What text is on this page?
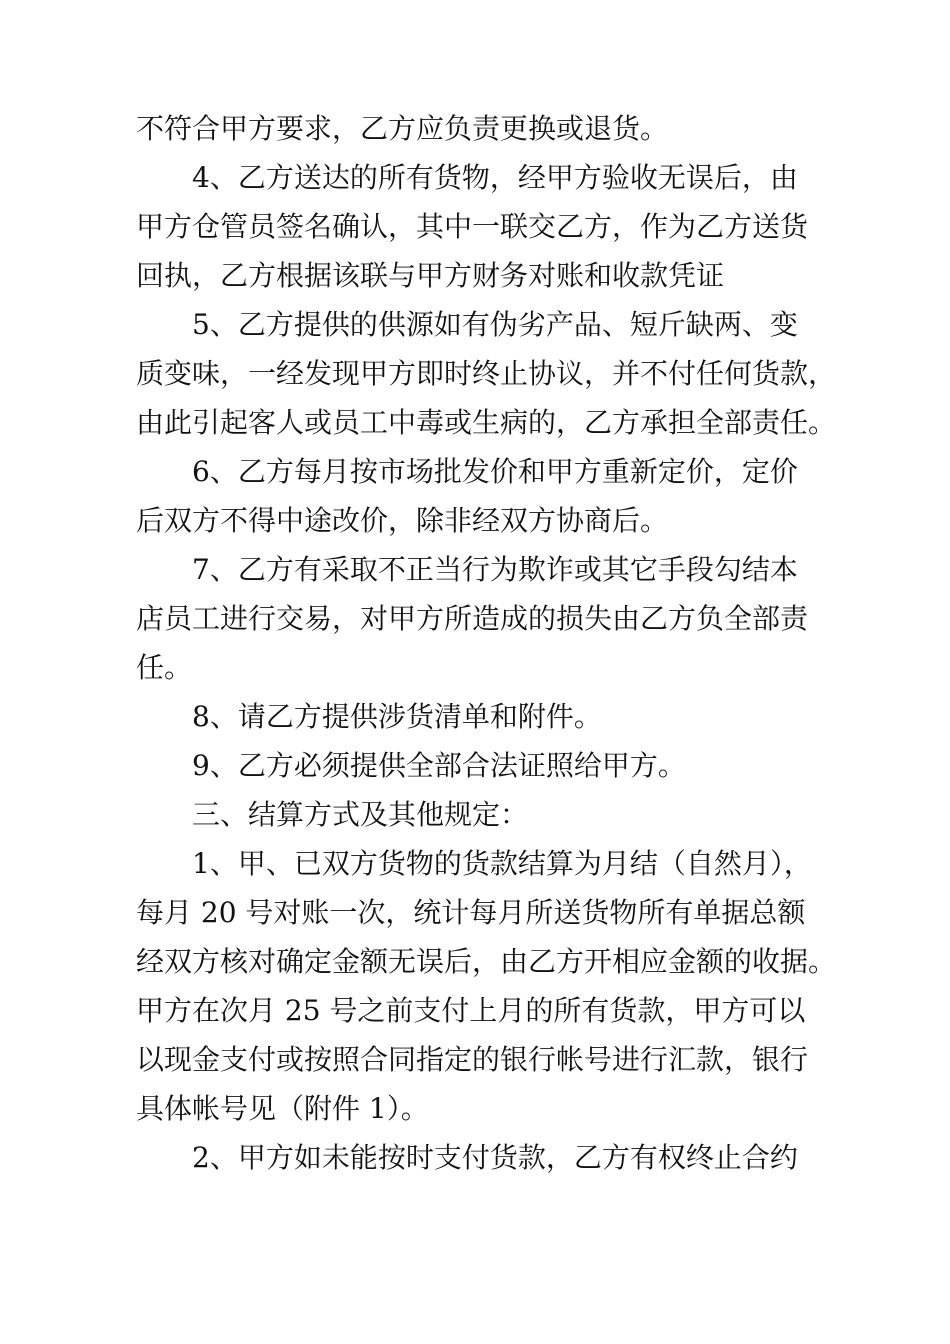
不符合甲方要求，乙方应负责更换或退货。
4、乙方送达的所有货物，经甲方验收无误后，由
甲方仓管员签名确认，其中一联交乙方，作为乙方送货
回执，乙方根据该联与甲方财务对账和收款凭证
5、乙方提供的供源如有伪劣产品、短斤缺两、变
质变味，一经发现甲方即时终止协议，并不付任何货款，
由此引起客人或员工中毒或生病的，乙方承担全部责任。
6、乙方每月按市场批发价和甲方重新定价，定价
后双方不得中途改价，除非经双方协商后。
7、乙方有采取不正当行为欺诈或其它手段勾结本
店员工进行交易，对甲方所造成的损失由乙方负全部责
任。
8、请乙方提供涉货清单和附件。
9、乙方必须提供全部合法证照给甲方。
三、结算方式及其他规定：
1、甲、已双方货物的货款结算为月结（自然月），
每月 20 号对账一次，统计每月所送货物所有单据总额
经双方核对确定金额无误后，由乙方开相应金额的收据。
甲方在次月 25 号之前支付上月的所有货款，甲方可以
以现金支付或按照合同指定的银行帐号进行汇款，银行
具体帐号见（附件 1）。
2、甲方如未能按时支付货款，乙方有权终止合约
